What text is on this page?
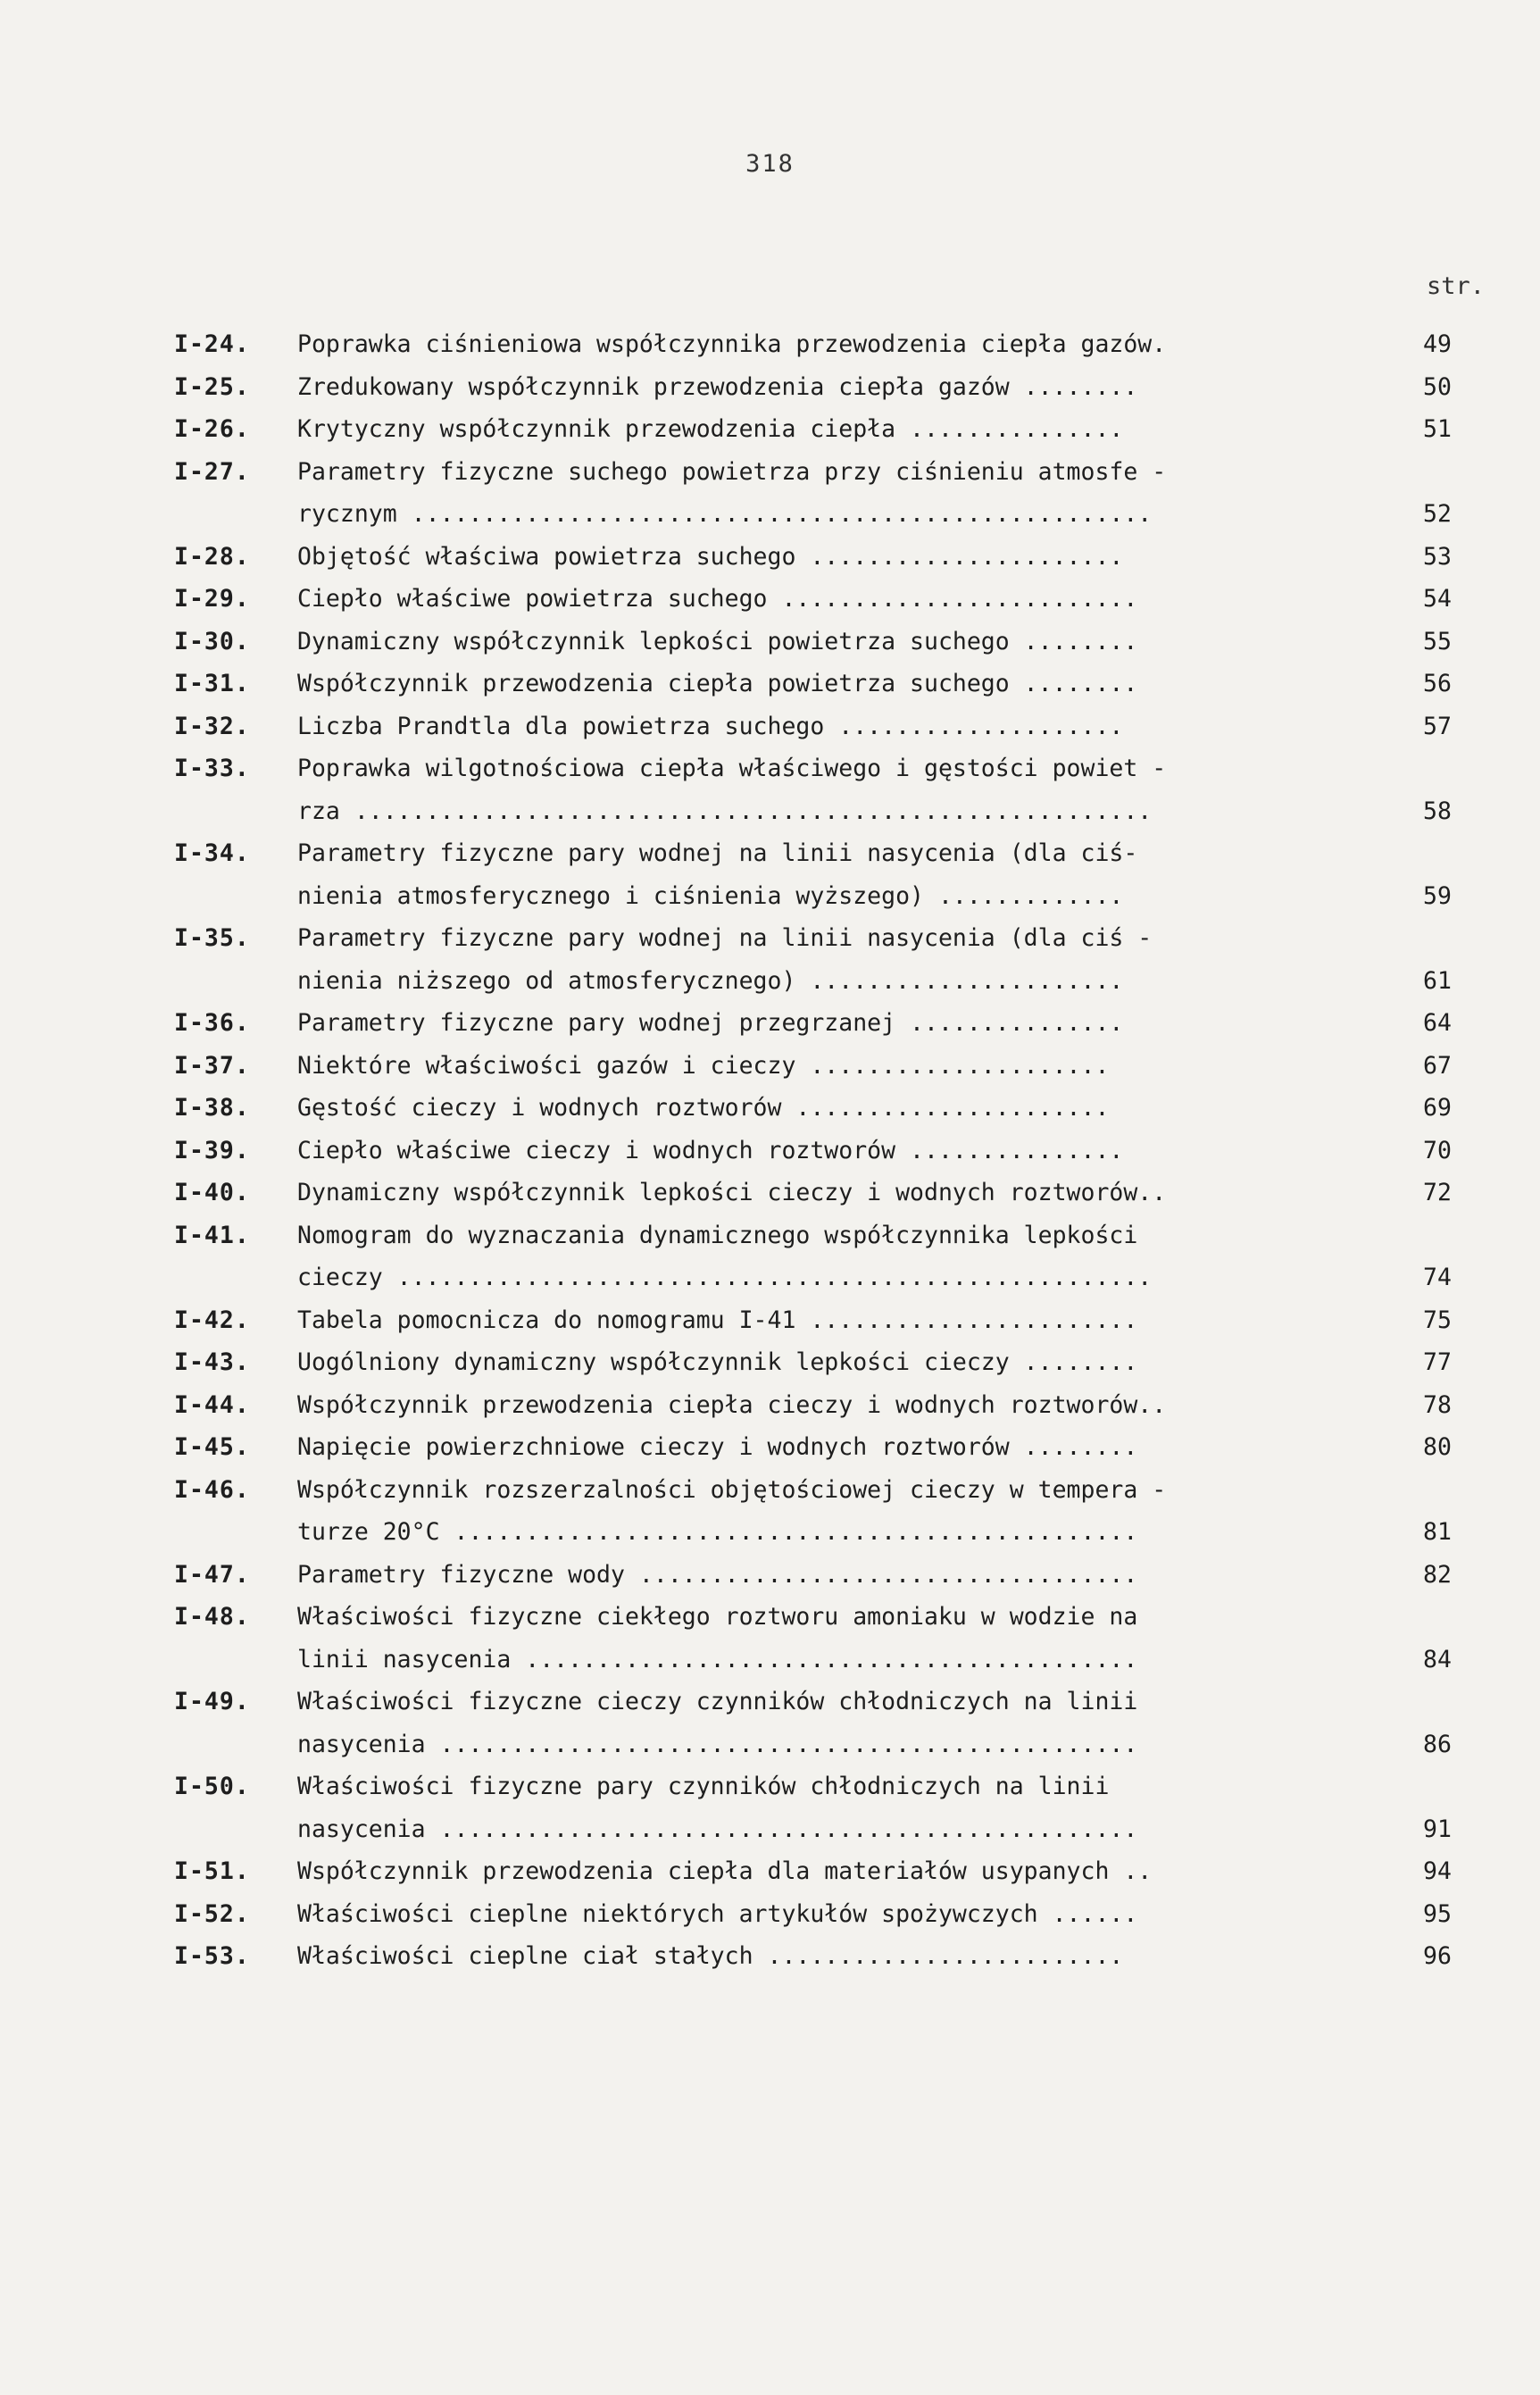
318
str.
I-24.	Poprawka ciśnieniowa współczynnika przewodzenia ciepła gazów.	49
I-25.	Zredukowany współczynnik przewodzenia ciepła gazów ........	50
I-26.	Krytyczny współczynnik przewodzenia ciepła ...............	51
I-27.	Parametry fizyczne suchego powietrza przy ciśnieniu atmosfe -
rycznym ....................................................	52
I-28.	Objętość właściwa powietrza suchego ......................	53
I-29.	Ciepło właściwe powietrza suchego .........................	54
I-30.	Dynamiczny współczynnik lepkości powietrza suchego ........	55
I-31.	Współczynnik przewodzenia ciepła powietrza suchego ........	56
I-32.	Liczba Prandtla dla powietrza suchego ....................	57
I-33.	Poprawka wilgotnościowa ciepła właściwego i gęstości powiet -
rza ........................................................	58
I-34.	Parametry fizyczne pary wodnej na linii nasycenia (dla ciś-
nienia atmosferycznego i ciśnienia wyższego) .............	59
I-35.	Parametry fizyczne pary wodnej na linii nasycenia (dla ciś -
nienia niższego od atmosferycznego) ......................	61
I-36.	Parametry fizyczne pary wodnej przegrzanej ...............	64
I-37.	Niektóre właściwości gazów i cieczy .....................	67
I-38.	Gęstość cieczy i wodnych roztworów ......................	69
I-39.	Ciepło właściwe cieczy i wodnych roztworów ...............	70
I-40.	Dynamiczny współczynnik lepkości cieczy i wodnych roztworów..	72
I-41.	Nomogram do wyznaczania dynamicznego współczynnika lepkości
cieczy .....................................................	74
I-42.	Tabela pomocnicza do nomogramu I-41 .......................	75
I-43.	Uogólniony dynamiczny współczynnik lepkości cieczy ........	77
I-44.	Współczynnik przewodzenia ciepła cieczy i wodnych roztworów..	78
I-45.	Napięcie powierzchniowe cieczy i wodnych roztworów ........	80
I-46.	Współczynnik rozszerzalności objętościowej cieczy w tempera -
turze 20°C ................................................	81
I-47.	Parametry fizyczne wody ...................................	82
I-48.	Właściwości fizyczne ciekłego roztworu amoniaku w wodzie na
linii nasycenia ...........................................	84
I-49.	Właściwości fizyczne cieczy czynników chłodniczych na linii
nasycenia .................................................	86
I-50.	Właściwości fizyczne pary czynników chłodniczych na linii
nasycenia .................................................	91
I-51.	Współczynnik przewodzenia ciepła dla materiałów usypanych ..	94
I-52.	Właściwości cieplne niektórych artykułów spożywczych ......	95
I-53.	Właściwości cieplne ciał stałych .........................	96
